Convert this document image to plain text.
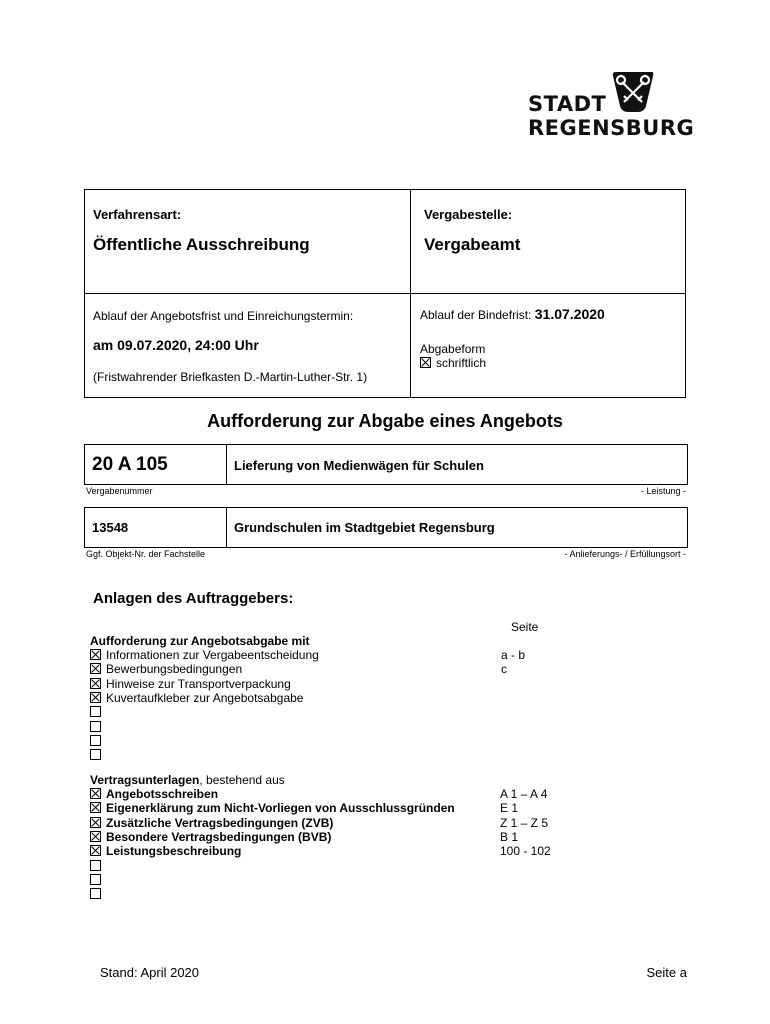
STADT
REGENSBURG
Verfahrensart:
Öffentliche Ausschreibung
Vergabestelle:
Vergabeamt
Ablauf der Angebotsfrist und Einreichungstermin:
am 09.07.2020, 24:00 Uhr
(Fristwahrender Briefkasten D.-Martin-Luther-Str. 1)
Ablauf der Bindefrist: 31.07.2020
Abgabeform
schriftlich
Aufforderung zur Abgabe eines Angebots
20 A 105	Lieferung von Medienwägen für Schulen
Vergabenummer	- Leistung -
13548	Grundschulen im Stadtgebiet Regensburg
Ggf. Objekt-Nr. der Fachstelle	- Anlieferungs- / Erfüllungsort -
Anlagen des Auftraggebers:
Seite
Aufforderung zur Angebotsabgabe mit
Vertragsunterlagen, bestehend aus
Informationen zur Vergabeentscheidung	a - b
Bewerbungsbedingungen	c
Hinweise zur Transportverpackung
Kuvertaufkleber zur Angebotsabgabe
Angebotsschreiben	A 1 – A 4
Eigenerklärung zum Nicht-Vorliegen von Ausschlussgründen	E 1
Zusätzliche Vertragsbedingungen (ZVB)	Z 1 – Z 5
Besondere Vertragsbedingungen (BVB)	B 1
Leistungsbeschreibung	100 - 102
Stand: April 2020	Seite a
